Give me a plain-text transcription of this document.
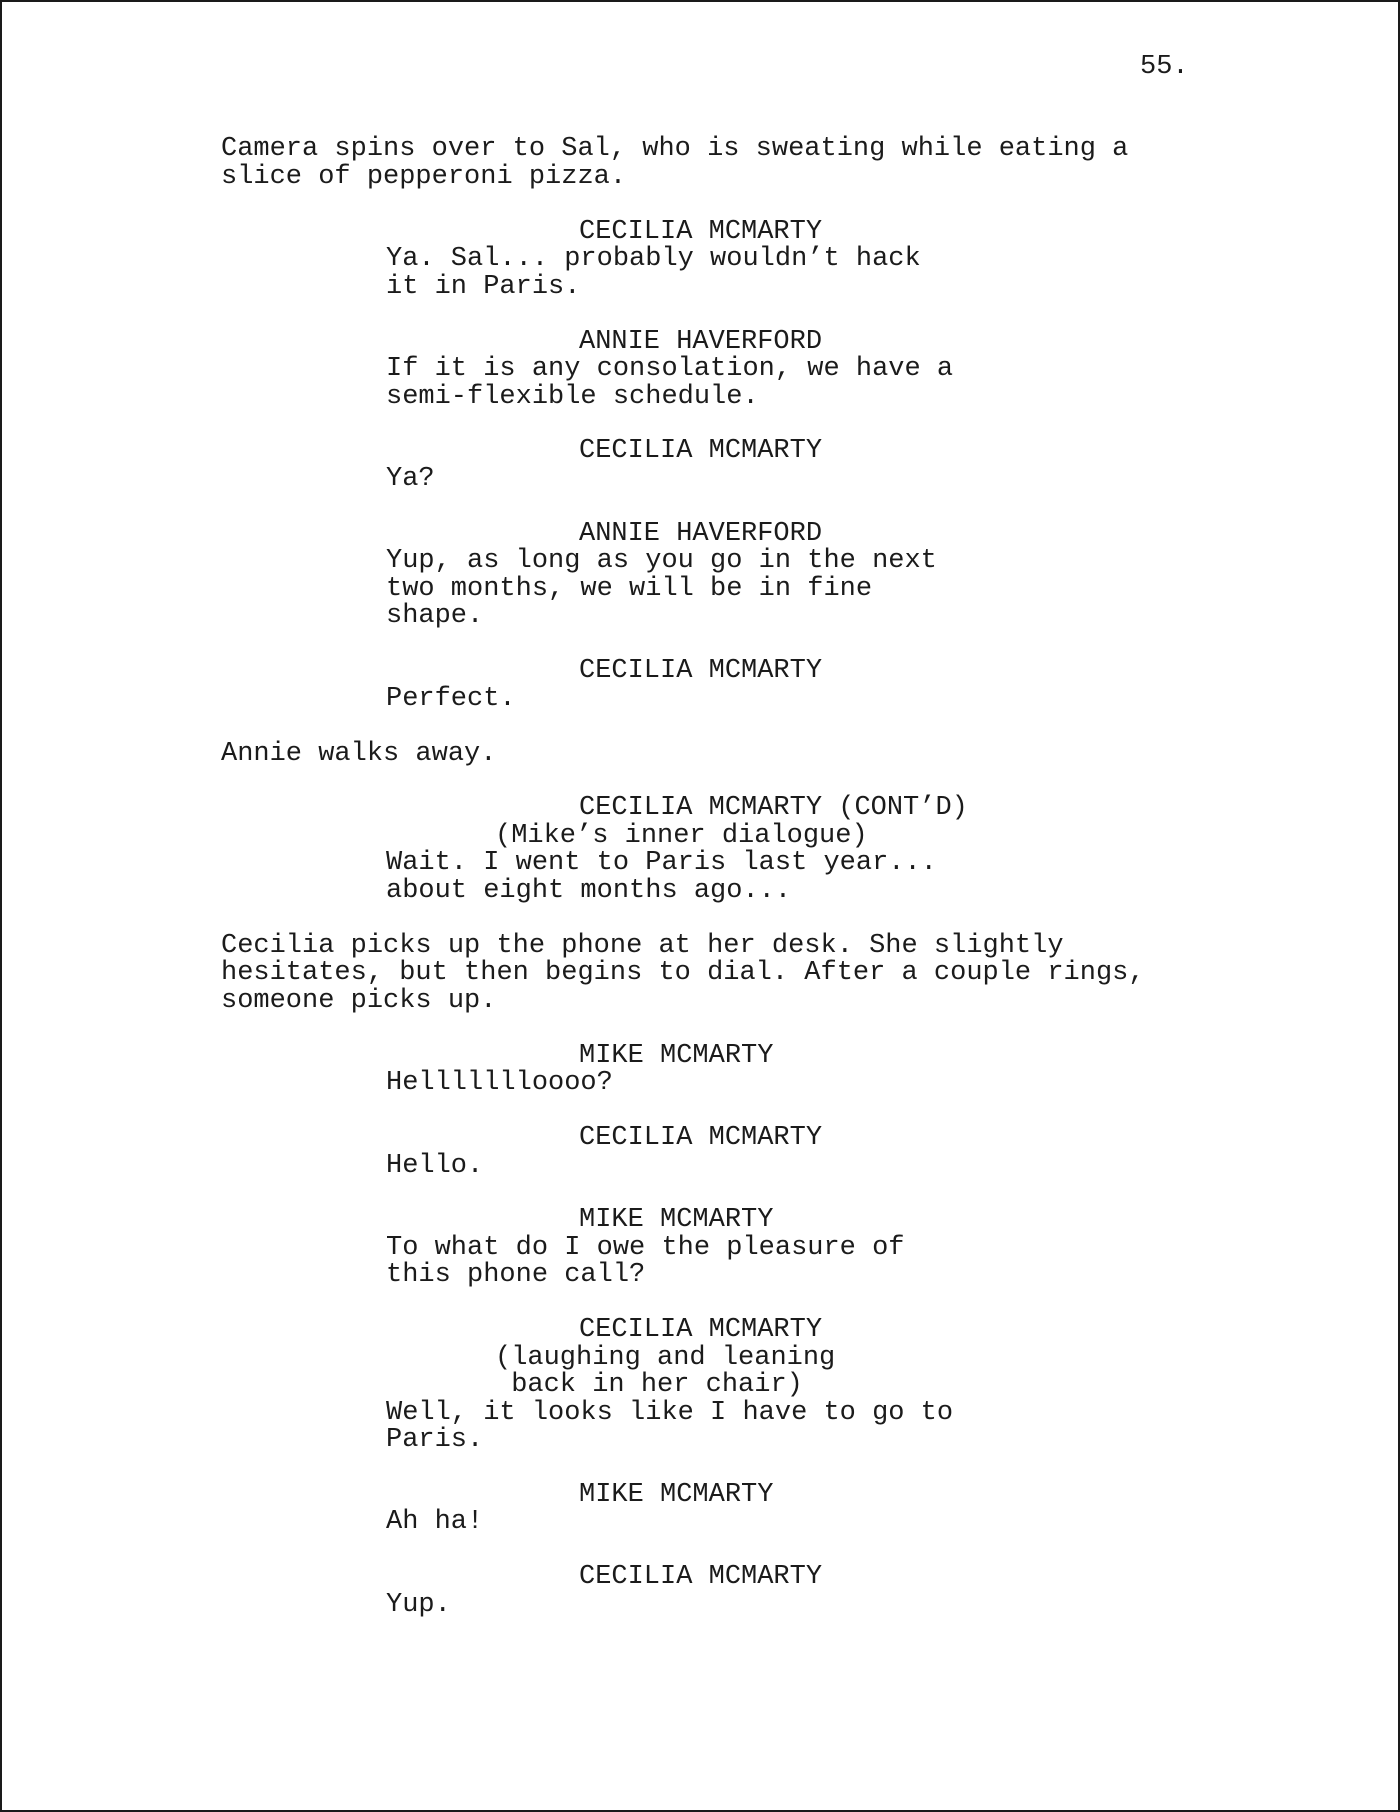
55.
Camera spins over to Sal, who is sweating while eating a
slice of pepperoni pizza.
CECILIA MCMARTY
Ya. Sal... probably wouldn’t hack
it in Paris.
ANNIE HAVERFORD
If it is any consolation, we have a
semi-flexible schedule.
CECILIA MCMARTY
Ya?
ANNIE HAVERFORD
Yup, as long as you go in the next
two months, we will be in fine
shape.
CECILIA MCMARTY
Perfect.
Annie walks away.
CECILIA MCMARTY (CONT’D)
(Mike’s inner dialogue)
Wait. I went to Paris last year...
about eight months ago...
Cecilia picks up the phone at her desk. She slightly
hesitates, but then begins to dial. After a couple rings,
someone picks up.
MIKE MCMARTY
Hellllllloooo?
CECILIA MCMARTY
Hello.
MIKE MCMARTY
To what do I owe the pleasure of
this phone call?
CECILIA MCMARTY
(laughing and leaning
back in her chair)
Well, it looks like I have to go to
Paris.
MIKE MCMARTY
Ah ha!
CECILIA MCMARTY
Yup.
